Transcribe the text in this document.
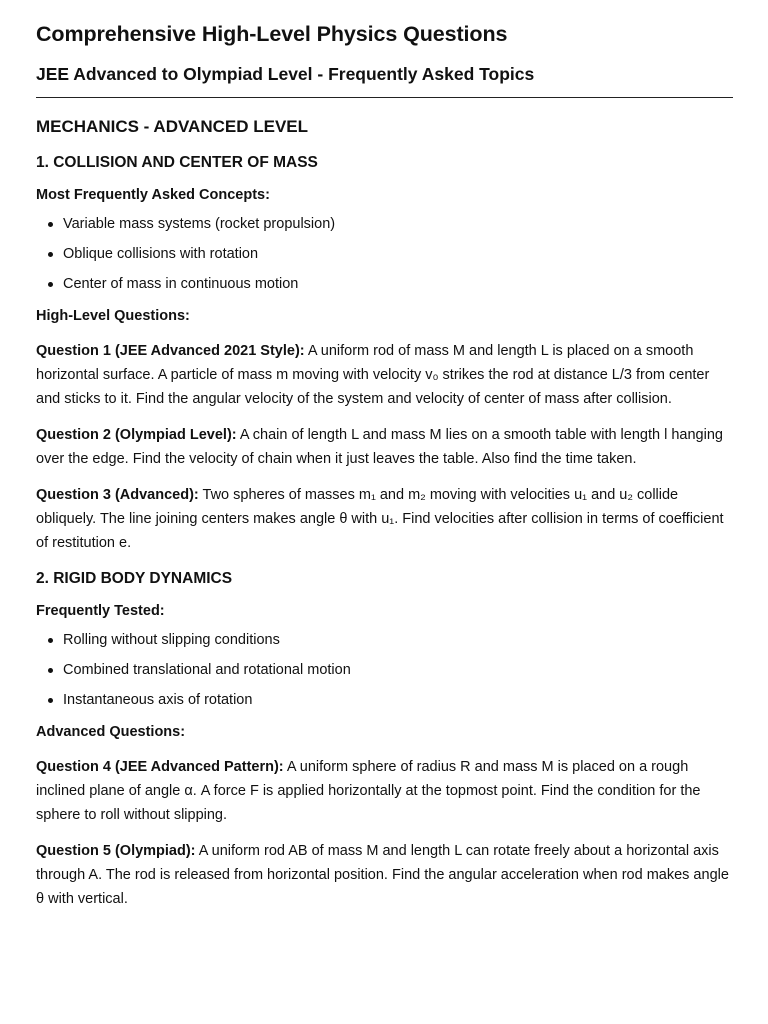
Comprehensive High-Level Physics Questions
JEE Advanced to Olympiad Level - Frequently Asked Topics
MECHANICS - ADVANCED LEVEL
1. COLLISION AND CENTER OF MASS

Most Frequently Asked Concepts:

Variable mass systems (rocket propulsion)
Oblique collisions with rotation
Center of mass in continuous motion

High-Level Questions:

Question 1 (JEE Advanced 2021 Style): A uniform rod of mass M and length L is placed on a smooth horizontal surface. A particle of mass m moving with velocity v₀ strikes the rod at distance L/3 from center and sticks to it. Find the angular velocity of the system and velocity of center of mass after collision.

Question 2 (Olympiad Level): A chain of length L and mass M lies on a smooth table with length l hanging over the edge. Find the velocity of chain when it just leaves the table. Also find the time taken.

Question 3 (Advanced): Two spheres of masses m₁ and m₂ moving with velocities u₁ and u₂ collide obliquely. The line joining centers makes angle θ with u₁. Find velocities after collision in terms of coefficient of restitution e.

2. RIGID BODY DYNAMICS

Frequently Tested:

Rolling without slipping conditions
Combined translational and rotational motion
Instantaneous axis of rotation

Advanced Questions:

Question 4 (JEE Advanced Pattern): A uniform sphere of radius R and mass M is placed on a rough inclined plane of angle α. A force F is applied horizontally at the topmost point. Find the condition for the sphere to roll without slipping.

Question 5 (Olympiad): A uniform rod AB of mass M and length L can rotate freely about a horizontal axis through A. The rod is released from horizontal position. Find the angular acceleration when rod makes angle θ with vertical.
